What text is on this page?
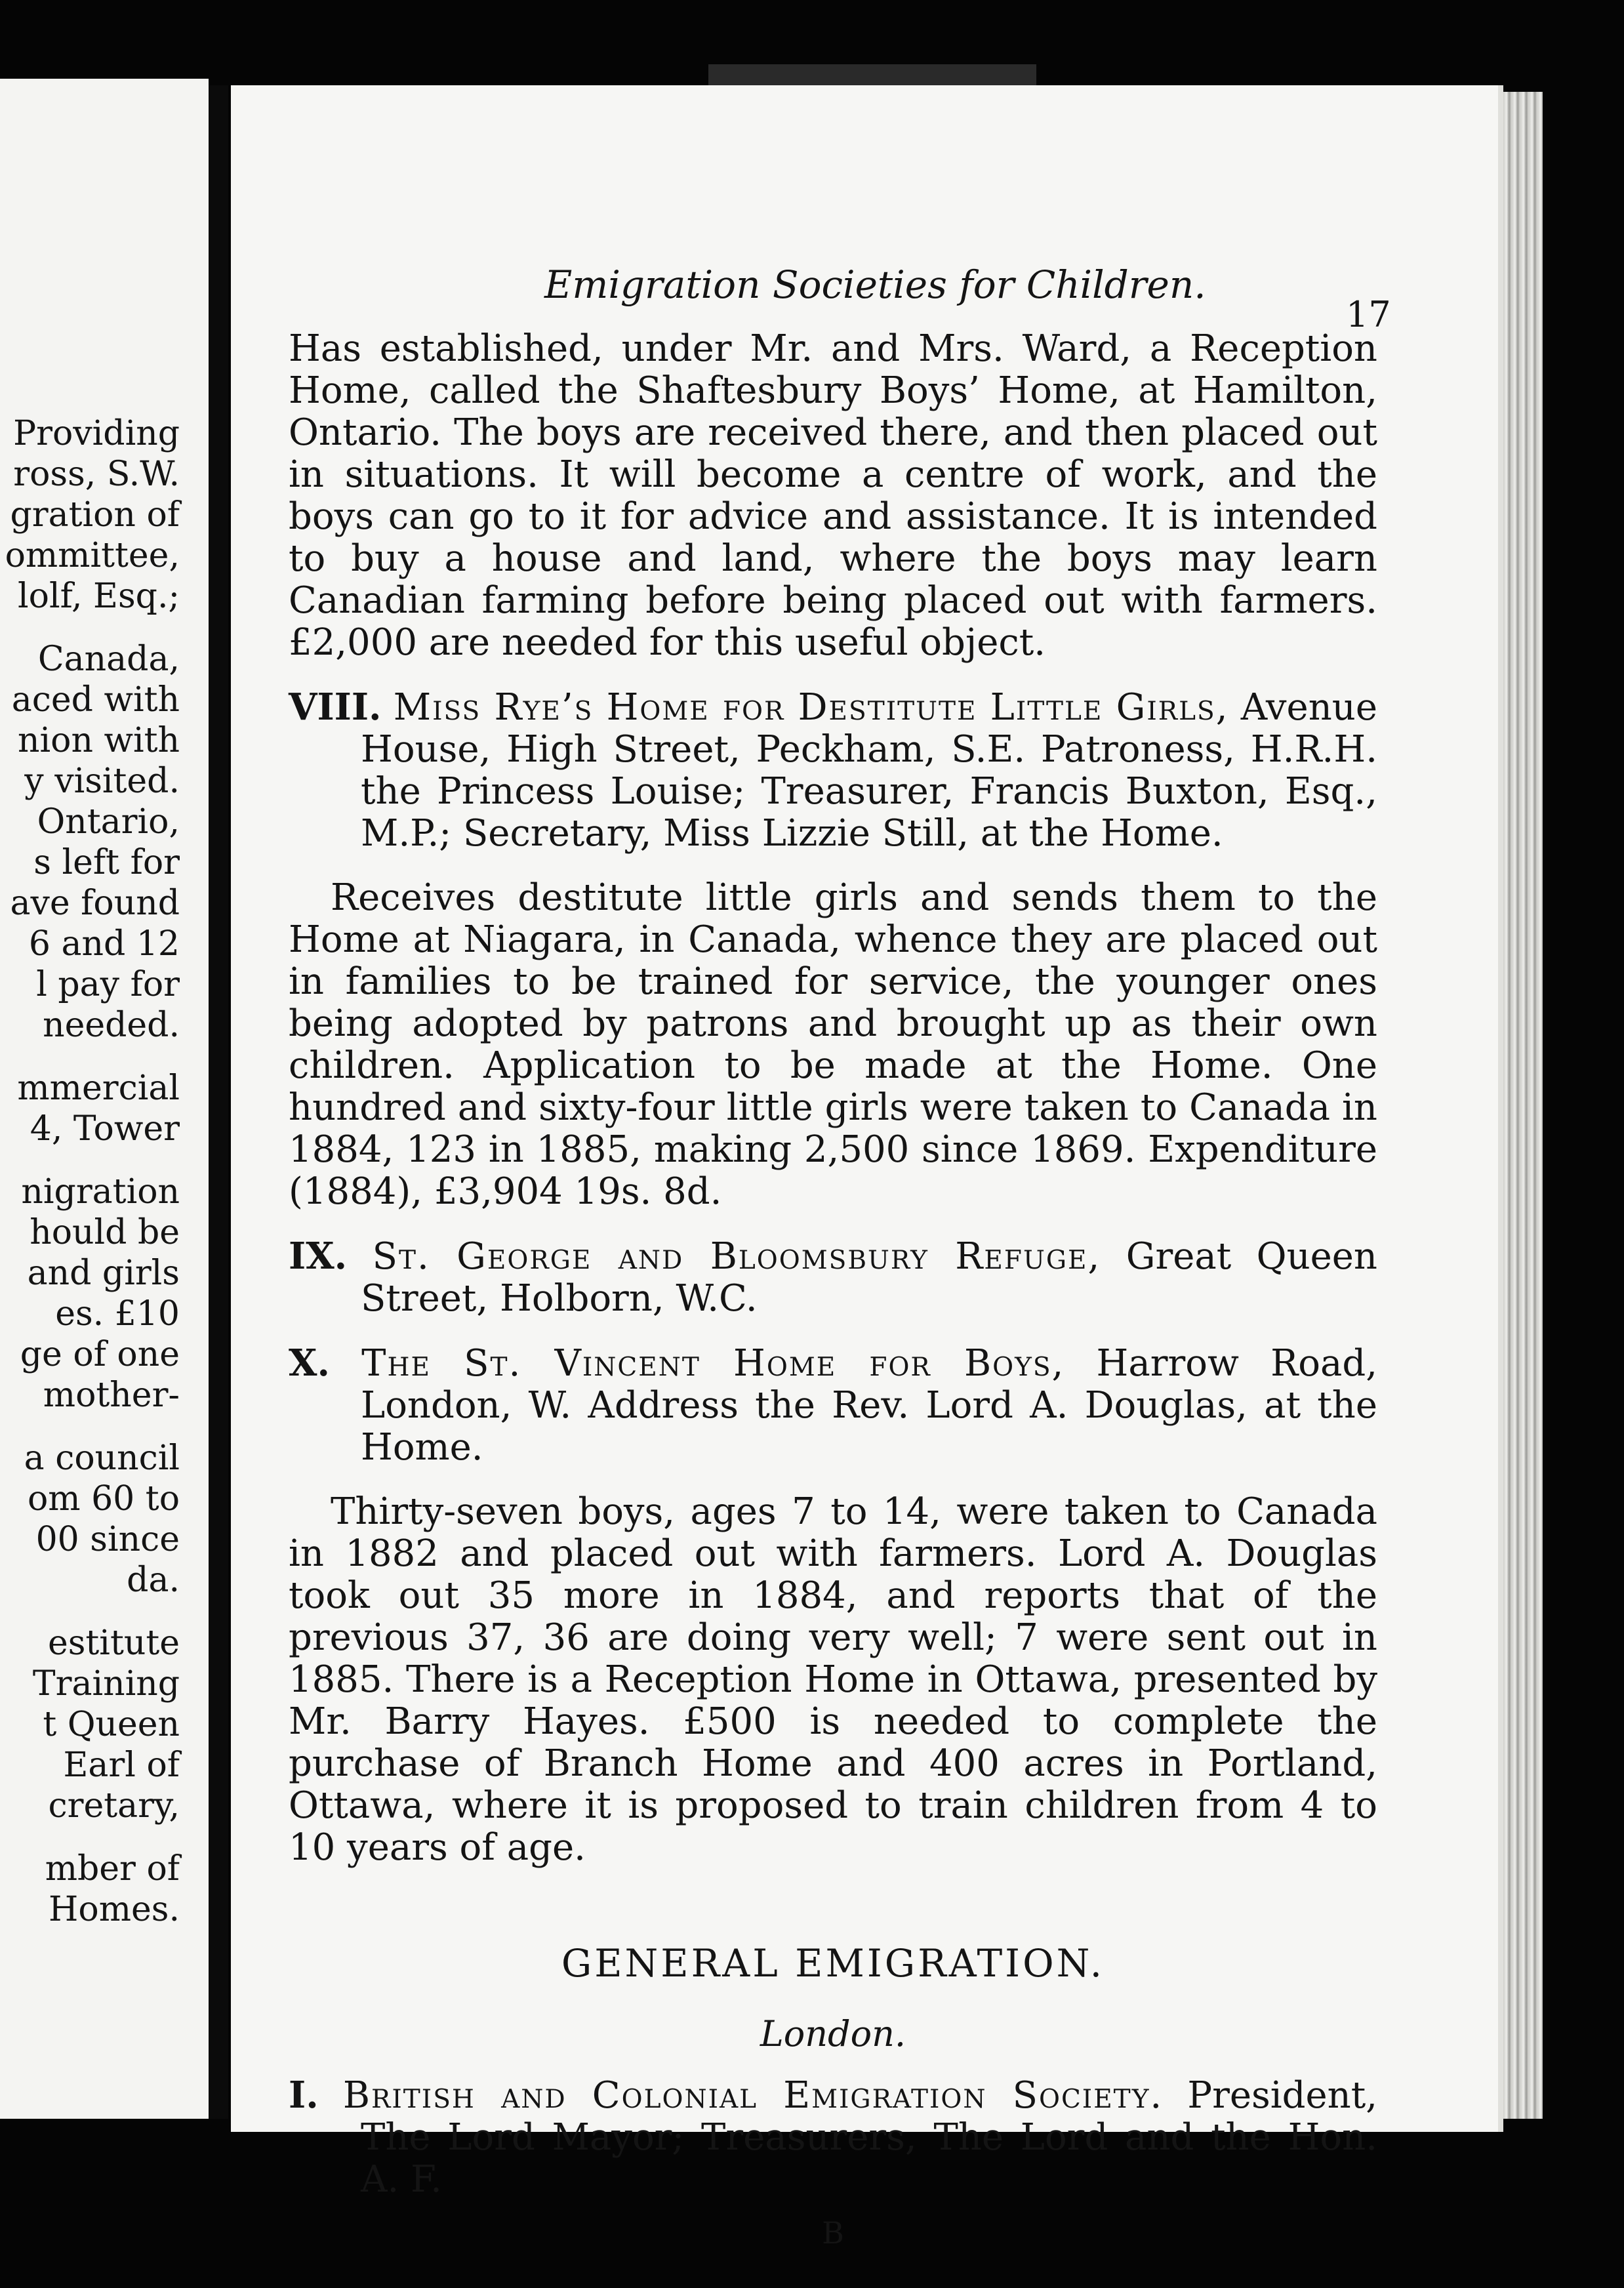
Providing
ross, S.W.
gration of
ommittee,
lolf, Esq.;
Canada,
aced with
nion with
y visited.
Ontario,
s left for
ave found
6 and 12
l pay for
needed.
mmercial
4, Tower
nigration
hould be
and girls
es. £10
ge of one
mother-
a council
om 60 to
00 since
da.
estitute
Training
t Queen
Earl of
cretary,
mber of
Homes.
Emigration Societies for Children.
17

Has established, under Mr. and Mrs. Ward, a Reception Home, called the Shaftesbury Boys’ Home, at Hamilton, Ontario. The boys are received there, and then placed out in situations. It will become a centre of work, and the boys can go to it for advice and assistance. It is intended to buy a house and land, where the boys may learn Canadian farming before being placed out with farmers. £2,000 are needed for this useful object.

VIII. Miss Rye’s Home for Destitute Little Girls, Avenue House, High Street, Peckham, S.E. Patroness, H.R.H. the Princess Louise; Treasurer, Francis Buxton, Esq., M.P.; Secretary, Miss Lizzie Still, at the Home.

Receives destitute little girls and sends them to the Home at Niagara, in Canada, whence they are placed out in families to be trained for service, the younger ones being adopted by patrons and brought up as their own children. Application to be made at the Home. One hundred and sixty-four little girls were taken to Canada in 1884, 123 in 1885, making 2,500 since 1869. Expenditure (1884), £3,904 19s. 8d.

IX. St. George and Bloomsbury Refuge, Great Queen Street, Holborn, W.C.
X. The St. Vincent Home for Boys, Harrow Road, London, W. Address the Rev. Lord A. Douglas, at the Home.

Thirty-seven boys, ages 7 to 14, were taken to Canada in 1882 and placed out with farmers. Lord A. Douglas took out 35 more in 1884, and reports that of the previous 37, 36 are doing very well; 7 were sent out in 1885. There is a Reception Home in Ottawa, presented by Mr. Barry Hayes. £500 is needed to complete the purchase of Branch Home and 400 acres in Portland, Ottawa, where it is proposed to train children from 4 to 10 years of age.

GENERAL EMIGRATION.
London.
I. British and Colonial Emigration Society. President, The Lord Mayor; Treasurers, The Lord and the Hon. A. F.
B
